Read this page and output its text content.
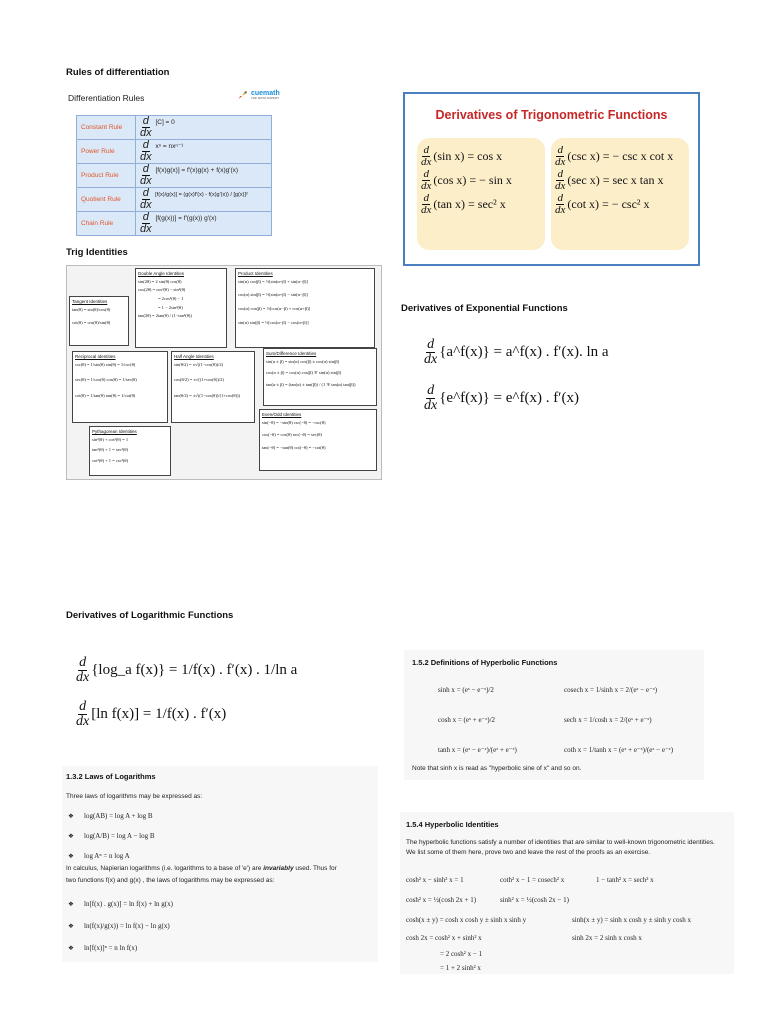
Rules of differentiation
Differentiation Rules	cuemath
THE MATH EXPERT
Constant Rule	$\frac{d}{dx} [C] = 0$
Power Rule	$\frac{d}{dx}$ xⁿ = nxⁿ⁻¹
Product Rule	$\frac{d}{dx} [f(x)g(x)] = f'(x)g(x) + f(x)g'(x)$
Quotient Rule	$\frac{d}{dx} [f(x)/g(x)] = (g(x)f'(x) - f(x)g'(x)) / [g(x)]^2$
Chain Rule	$\frac{d}{dx} [f(g(x))] = f'(g(x))$ g′(x)
Trig Identities
Double Angle Identities
sin(2θ) = 2 sin(θ) cos(θ)
cos(2θ) = cos²(θ) − sin²(θ)
= 2cos²(θ) − 1
= 1 − 2sin²(θ)
tan(2θ) = 2tan(θ) / (1−tan²(θ))
Product Identities
sin(α) cos(β) = ½[sin(α+β) + sin(α−β)]
cos(α) sin(β) = ½[sin(α+β) − sin(α−β)]
cos(α) cos(β) = ½[cos(α−β) + cos(α+β)]
sin(α) sin(β) = ½[cos(α−β) − cos(α+β)]
Tangent Identities
tan(θ) = sin(θ)/cos(θ)
cot(θ) = cos(θ)/sin(θ)
Reciprocal Identities
csc(θ) = 1/sin(θ) sin(θ) = 1/csc(θ)
sec(θ) = 1/cos(θ) cos(θ) = 1/sec(θ)
cot(θ) = 1/tan(θ) tan(θ) = 1/cot(θ)
Half Angle Identities
sin(θ/2) = ±√((1−cos(θ))/2)
cos(θ/2) = ±√((1+cos(θ))/2)
tan(θ/2) = ±√((1−cos(θ))/(1+cos(θ)))
Sum/Difference Identities
sin(α ± β) = sin(α) cos(β) ± cos(α) sin(β)
cos(α ± β) = cos(α) cos(β) ∓ sin(α) sin(β)
tan(α ± β) = (tan(α) ± tan(β)) / (1 ∓ tan(α) tan(β))
Pythagorean Identities
sin²(θ) + cos²(θ) = 1
tan²(θ) + 1 = sec²(θ)
cot²(θ) + 1 = csc²(θ)
Even/Odd Identities
sin(−θ) = −sin(θ) csc(−θ) = −csc(θ)
cos(−θ) = cos(θ) sec(−θ) = sec(θ)
tan(−θ) = −tan(θ) cot(−θ) = −cot(θ)
Derivatives of Trigonometric Functions
$\frac{d}{dx} (\sin$ x) = cos x
$\frac{d}{dx} (\cos$ x) = − sin x
$\frac{d}{dx} (\tan$ x) = sec² x
$\frac{d}{dx} (\csc$ x) = − csc x cot x
$\frac{d}{dx} (\sec$ x) = sec x tan x
$\frac{d}{dx} (\cot$ x) = − csc² x
Derivatives of Exponential Functions
$\frac{d}{dx}$ {a^f(x)} = a^f(x) . f′(x). ln a
$\frac{d}{dx}$ {e^f(x)} = e^f(x) . f′(x)
Derivatives of Logarithmic Functions
$\frac{d}{dx}$ {log_a f(x)} = 1/f(x) . f′(x) . 1/ln a
$\frac{d}{dx} [\ln$ f(x)] = 1/f(x) . f′(x)
1.3.2 Laws of Logarithms
Three laws of logarithms may be expressed as:
❖ log(AB) = log A + log B
❖ log(A/B) = log A − log B
❖ log Aⁿ = n log A
In calculus, Napierian logarithms (i.e. logarithms to a base of 'e') are invariably used. Thus for
two functions f(x) and g(x) , the laws of logarithms may be expressed as:
❖ ln[f(x) . g(x)] = ln f(x) + ln g(x)
❖ ln(f(x)/g(x)) = ln f(x) − ln g(x)
❖ ln[f(x)]ⁿ = n ln f(x)
1.5.2 Definitions of Hyperbolic Functions
sinh x = (eˣ − e⁻ˣ)/2	cosech x = 1/sinh x = 2/(eˣ − e⁻ˣ)
cosh x = (eˣ + e⁻ˣ)/2	sech x = 1/cosh x = 2/(eˣ + e⁻ˣ)
tanh x = (eˣ − e⁻ˣ)/(eˣ + e⁻ˣ)	coth x = 1/tanh x = (eˣ + e⁻ˣ)/(eˣ − e⁻ˣ)
Note that sinh x is read as "hyperbolic sine of x" and so on.
1.5.4 Hyperbolic Identities
The hyperbolic functions satisfy a number of identities that are similar to well-known trigonometric identities. We list some of them here, prove two and leave the rest of the proofs as an exercise.
cosh² x − sinh² x = 1	coth² x − 1 = cosech² x	1 − tanh² x = sech² x
cosh² x = ½(cosh 2x + 1)	sinh² x = ½(cosh 2x − 1)
cosh(x ± y) = cosh x cosh y ± sinh x sinh y	sinh(x ± y) = sinh x cosh y ± sinh y cosh x
cosh 2x = cosh² x + sinh² x	sinh 2x = 2 sinh x cosh x
= 2 cosh² x − 1
= 1 + 2 sinh² x
